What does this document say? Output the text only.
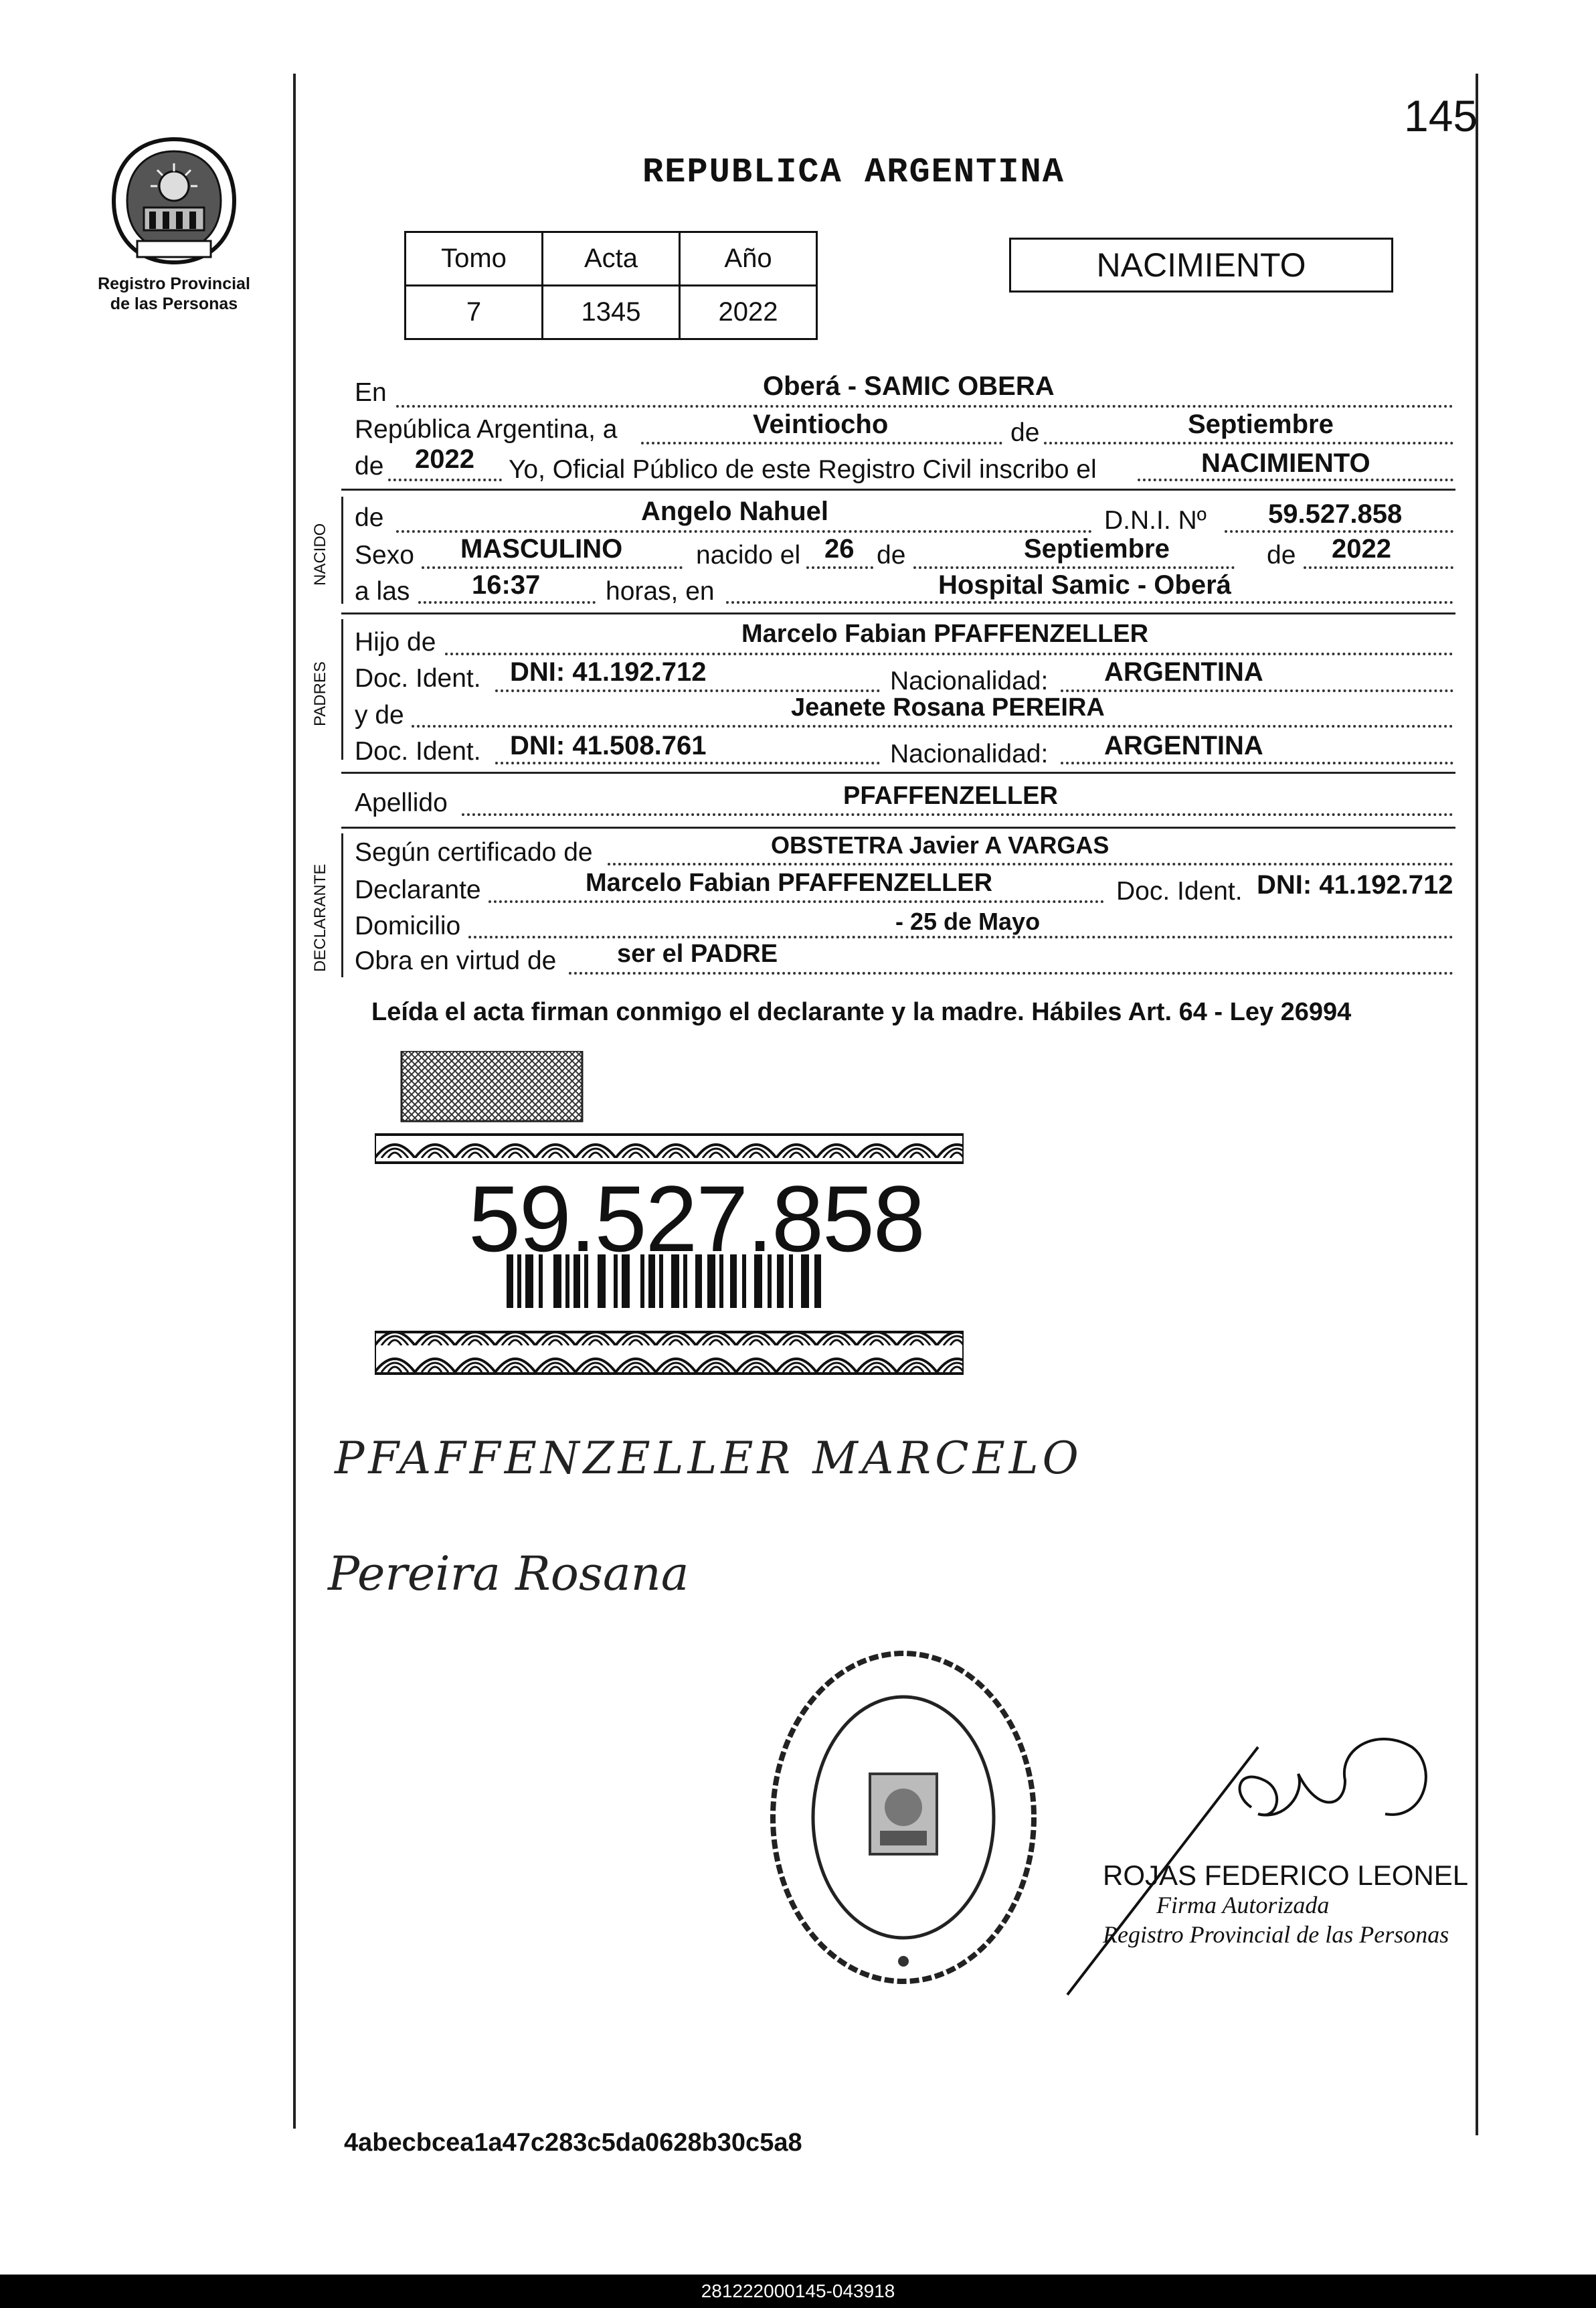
145
REPUBLICA ARGENTINA
Registro Provincial
de las Personas
Tomo	Acta	Año
7	1345	2022
NACIMIENTO
En	Oberá - SAMIC OBERA
República Argentina, a	Veintiocho	de	Septiembre
de 2022 Yo, Oficial Público de este Registro Civil inscribo el	NACIMIENTO
NACIDO
de	Angelo Nahuel	D.N.I. Nº 59.527.858
Sexo MASCULINO	nacido el 26 de	Septiembre	de 2022
a las 16:37	horas, en	Hospital Samic - Oberá
PADRES
Hijo de	Marcelo Fabian PFAFFENZELLER
Doc. Ident. DNI: 41.192.712	Nacionalidad: ARGENTINA
y de	Jeanete Rosana PEREIRA
Doc. Ident. DNI: 41.508.761	Nacionalidad: ARGENTINA
Apellido	PFAFFENZELLER
DECLARANTE
Según certificado de	OBSTETRA Javier A VARGAS
Declarante	Marcelo Fabian PFAFFENZELLER	Doc. Ident. DNI: 41.192.712
Domicilio	- 25 de Mayo
Obra en virtud de ser el PADRE
Leída el acta firman conmigo el declarante y la madre. Hábiles Art. 64 - Ley 26994
59.527.858
PFAFFENZELLER MARCELO
Pereira Rosana
ROJAS FEDERICO LEONEL
Firma Autorizada
Registro Provincial de las Personas
4abecbcea1a47c283c5da0628b30c5a8
281222000145-043918
